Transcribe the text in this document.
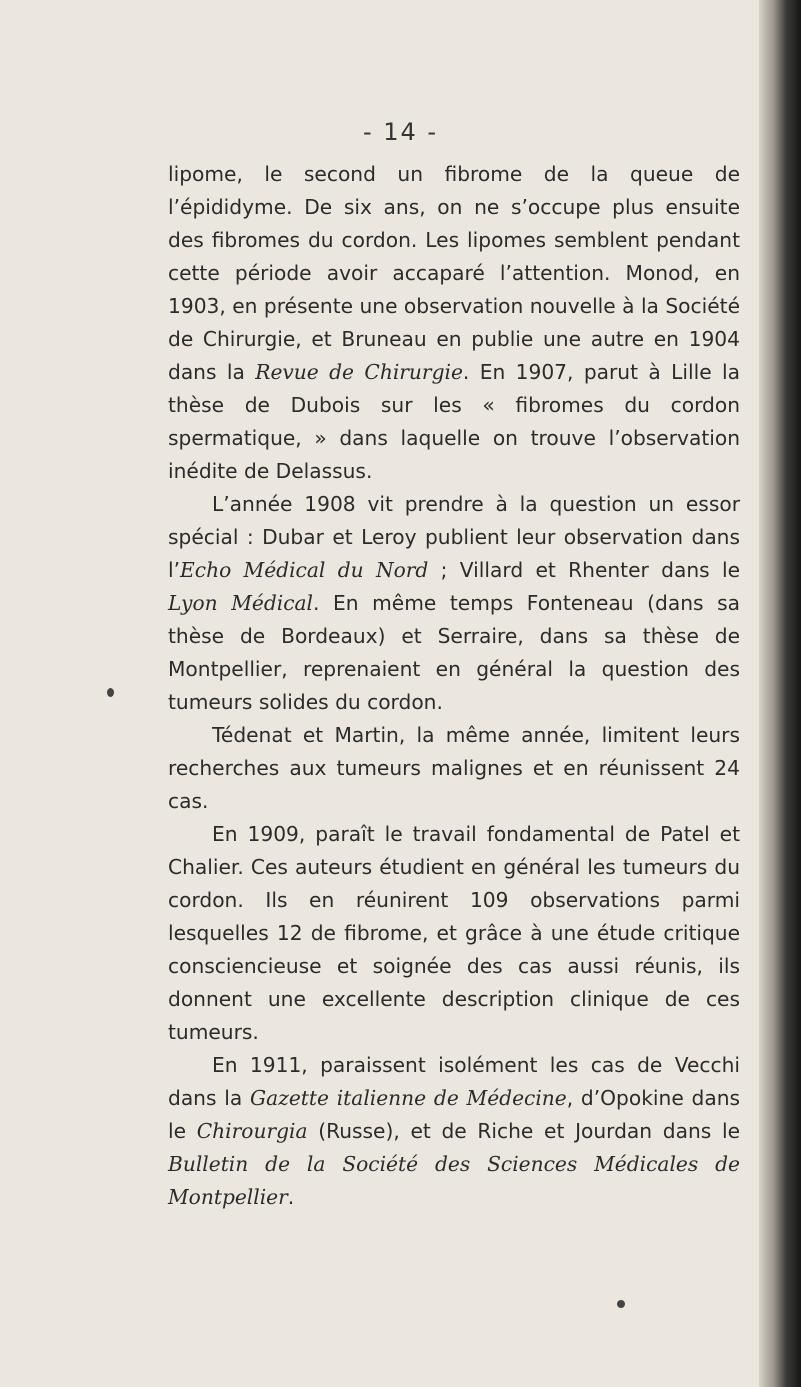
- 14 -

lipome, le second un fibrome de la queue de l’épididyme. De six ans, on ne s’occupe plus ensuite des fibromes du cordon. Les lipomes semblent pendant cette période avoir accaparé l’attention. Monod, en 1903, en présente une observation nouvelle à la Société de Chirurgie, et Bruneau en publie une autre en 1904 dans la Revue de Chirurgie. En 1907, parut à Lille la thèse de Dubois sur les « fibromes du cordon spermatique, » dans laquelle on trouve l’observation inédite de Delassus.

L’année 1908 vit prendre à la question un essor spécial : Dubar et Leroy publient leur observation dans l’Echo Médical du Nord ; Villard et Rhenter dans le Lyon Médical. En même temps Fonteneau (dans sa thèse de Bordeaux) et Serraire, dans sa thèse de Montpellier, reprenaient en général la question des tumeurs solides du cordon.

Tédenat et Martin, la même année, limitent leurs recherches aux tumeurs malignes et en réunissent 24 cas.

En 1909, paraît le travail fondamental de Patel et Chalier. Ces auteurs étudient en général les tumeurs du cordon. Ils en réunirent 109 observations parmi lesquelles 12 de fibrome, et grâce à une étude critique consciencieuse et soignée des cas aussi réunis, ils donnent une excellente description clinique de ces tumeurs.

En 1911, paraissent isolément les cas de Vecchi dans la Gazette italienne de Médecine, d’Opokine dans le Chirourgia (Russe), et de Riche et Jourdan dans le Bulletin de la Société des Sciences Médicales de Montpellier.
